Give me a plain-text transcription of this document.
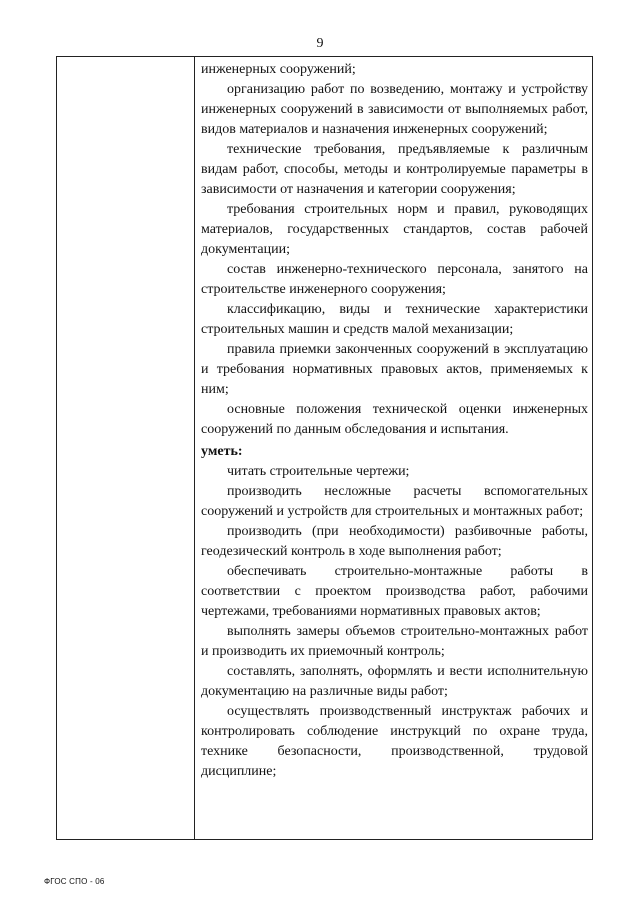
9
инженерных сооружений;
организацию работ по возведению, монтажу и устройству инженерных сооружений в зависимости от выполняемых работ, видов материалов и назначения инженерных сооружений;
технические требования, предъявляемые к различным видам работ, способы, методы и контролируемые параметры в зависимости от назначения и категории сооружения;
требования строительных норм и правил, руководящих материалов, государственных стандартов, состав рабочей документации;
состав инженерно-технического персонала, занятого на строительстве инженерного сооружения;
классификацию, виды и технические характеристики строительных машин и средств малой механизации;
правила приемки законченных сооружений в эксплуатацию и требования нормативных правовых актов, применяемых к ним;
основные положения технической оценки инженерных сооружений по данным обследования и испытания.
уметь:
читать строительные чертежи;
производить несложные расчеты вспомогательных сооружений и устройств для строительных и монтажных работ;
производить (при необходимости) разбивочные работы, геодезический контроль в ходе выполнения работ;
обеспечивать строительно-монтажные работы в соответствии с проектом производства работ, рабочими чертежами, требованиями нормативных правовых актов;
выполнять замеры объемов строительно-монтажных работ и производить их приемочный контроль;
составлять, заполнять, оформлять и вести исполнительную документацию на различные виды работ;
осуществлять производственный инструктаж рабочих и контролировать соблюдение инструкций по охране труда, технике безопасности, производственной, трудовой дисциплине;
ФГОС СПО - 06
